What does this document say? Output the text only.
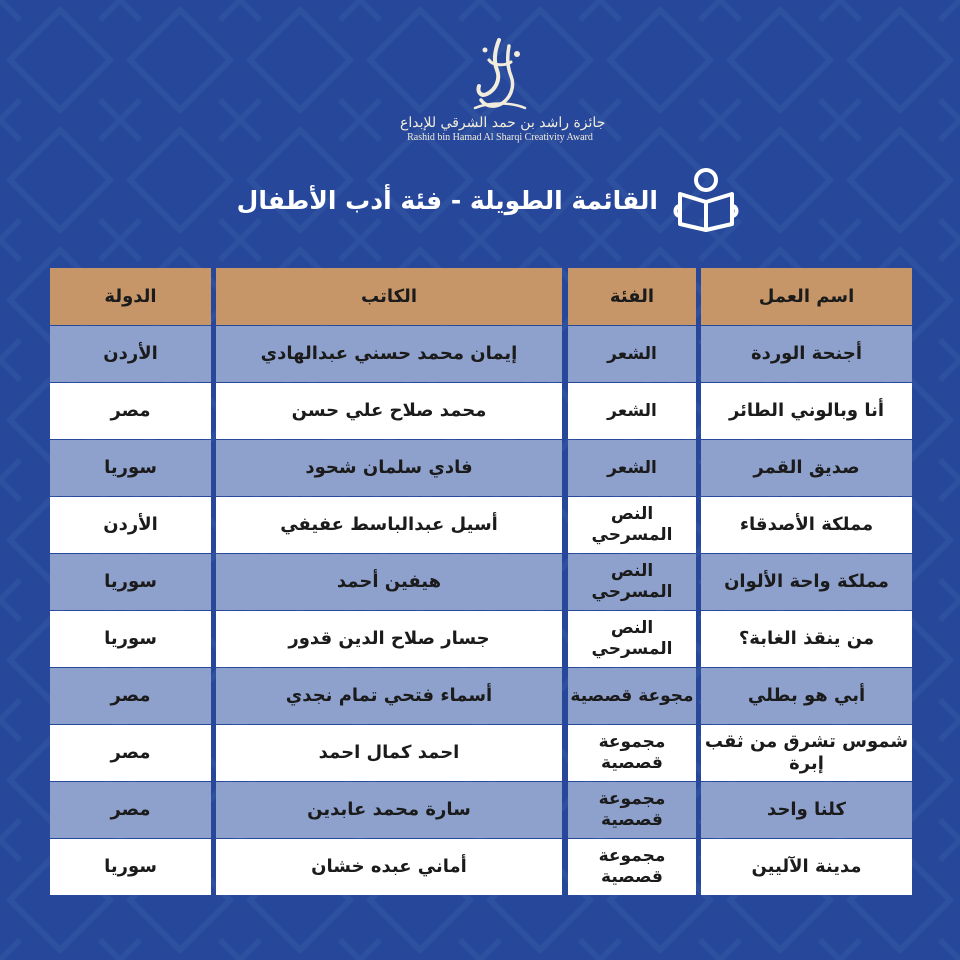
جائزة راشد بن حمد الشرقي للإبداع
Rashid bin Hamad Al Sharqi Creativity Award
القائمة الطويلة - فئة أدب الأطفال
اسم العمل
أجنحة الوردة
أنا وبالوني الطائر
صديق القمر
مملكة الأصدقاء
مملكة واحة الألوان
من ينقذ الغابة؟
أبي هو بطلي
شموس تشرق من ثقب إبرة
كلنا واحد
مدينة الآليين
الفئة
الشعر
الشعر
الشعر
النص المسرحي
النص المسرحي
النص المسرحي
مجوعة قصصية
مجموعة قصصية
مجموعة قصصية
مجموعة قصصية
الكاتب
إيمان محمد حسني عبدالهادي
محمد صلاح علي حسن
فادي سلمان شحود
أسيل عبدالباسط عفيفي
هيفين أحمد
جسار صلاح الدين قدور
أسماء فتحي تمام نجدي
احمد كمال احمد
سارة محمد عابدين
أماني عبده خشان
الدولة
الأردن
مصر
سوريا
الأردن
سوريا
سوريا
مصر
مصر
مصر
سوريا
